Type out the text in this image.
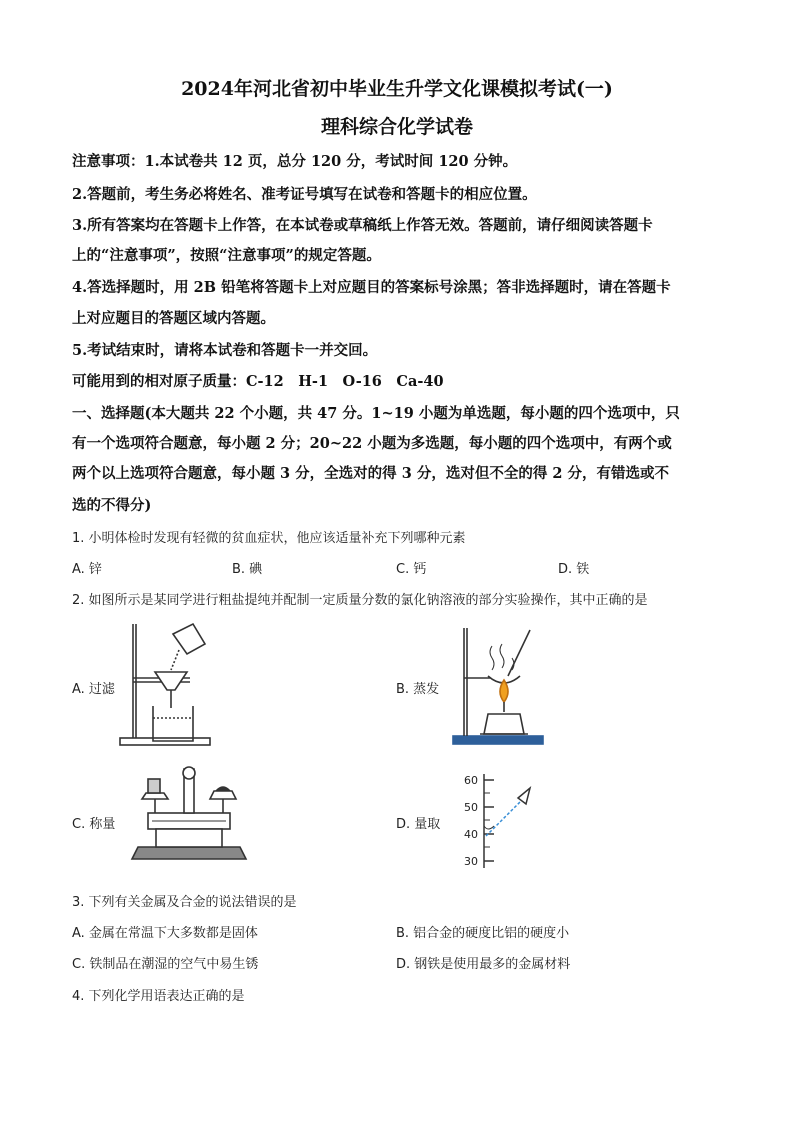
2024年河北省初中毕业生升学文化课模拟考试(一)
理科综合化学试卷
注意事项：1.本试卷共 12 页，总分 120 分，考试时间 120 分钟。
2.答题前，考生务必将姓名、准考证号填写在试卷和答题卡的相应位置。
3.所有答案均在答题卡上作答，在本试卷或草稿纸上作答无效。答题前，请仔细阅读答题卡
上的“注意事项”，按照“注意事项”的规定答题。
4.答选择题时，用 2B 铅笔将答题卡上对应题目的答案标号涂黑；答非选择题时，请在答题卡
上对应题目的答题区域内答题。
5.考试结束时，请将本试卷和答题卡一并交回。
可能用到的相对原子质量：C-12　H-1　O-16　Ca-40
一、选择题(本大题共 22 个小题，共 47 分。1~19 小题为单选题，每小题的四个选项中，只
有一个选项符合题意，每小题 2 分；20~22 小题为多选题，每小题的四个选项中，有两个或
两个以上选项符合题意，每小题 3 分，全选对的得 3 分，选对但不全的得 2 分，有错选或不
选的不得分)
1. 小明体检时发现有轻微的贫血症状，他应该适量补充下列哪种元素
A. 锌	B. 碘	C. 钙	D. 铁
2. 如图所示是某同学进行粗盐提纯并配制一定质量分数的氯化钠溶液的部分实验操作，其中正确的是
A. 过滤	B. 蒸发
C. 称量	D. 量取
60
50
40
30
3. 下列有关金属及合金的说法错误的是
A. 金属在常温下大多数都是固体	B. 铝合金的硬度比铝的硬度小
C. 铁制品在潮湿的空气中易生锈	D. 钢铁是使用最多的金属材料
4. 下列化学用语表达正确的是
